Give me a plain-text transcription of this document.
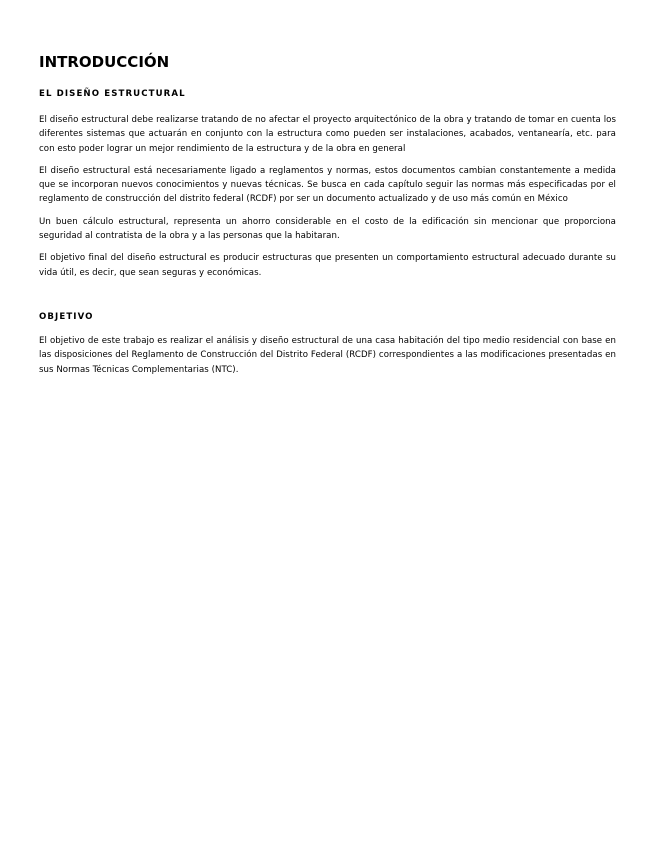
INTRODUCCIÓN
EL DISEÑO ESTRUCTURAL

El diseño estructural debe realizarse tratando de no afectar el proyecto arquitectónico de la obra y tratando de tomar en cuenta los diferentes sistemas que actuarán en conjunto con la estructura como pueden ser instalaciones, acabados, ventanearía, etc. para con esto poder lograr un mejor rendimiento de la estructura y de la obra en general

El diseño estructural está necesariamente ligado a reglamentos y normas, estos documentos cambian constantemente a medida que se incorporan nuevos conocimientos y nuevas técnicas. Se busca en cada capítulo seguir las normas más especificadas por el reglamento de construcción del distrito federal (RCDF) por ser un documento actualizado y de uso más común en México

Un buen cálculo estructural, representa un ahorro considerable en el costo de la edificación sin mencionar que proporciona seguridad al contratista de la obra y a las personas que la habitaran.

El objetivo final del diseño estructural es producir estructuras que presenten un comportamiento estructural adecuado durante su vida útil, es decir, que sean seguras y económicas.

OBJETIVO

El objetivo de este trabajo es realizar el análisis y diseño estructural de una casa habitación del tipo medio residencial con base en las disposiciones del Reglamento de Construcción del Distrito Federal (RCDF) correspondientes a las modificaciones presentadas en sus Normas Técnicas Complementarias (NTC).
